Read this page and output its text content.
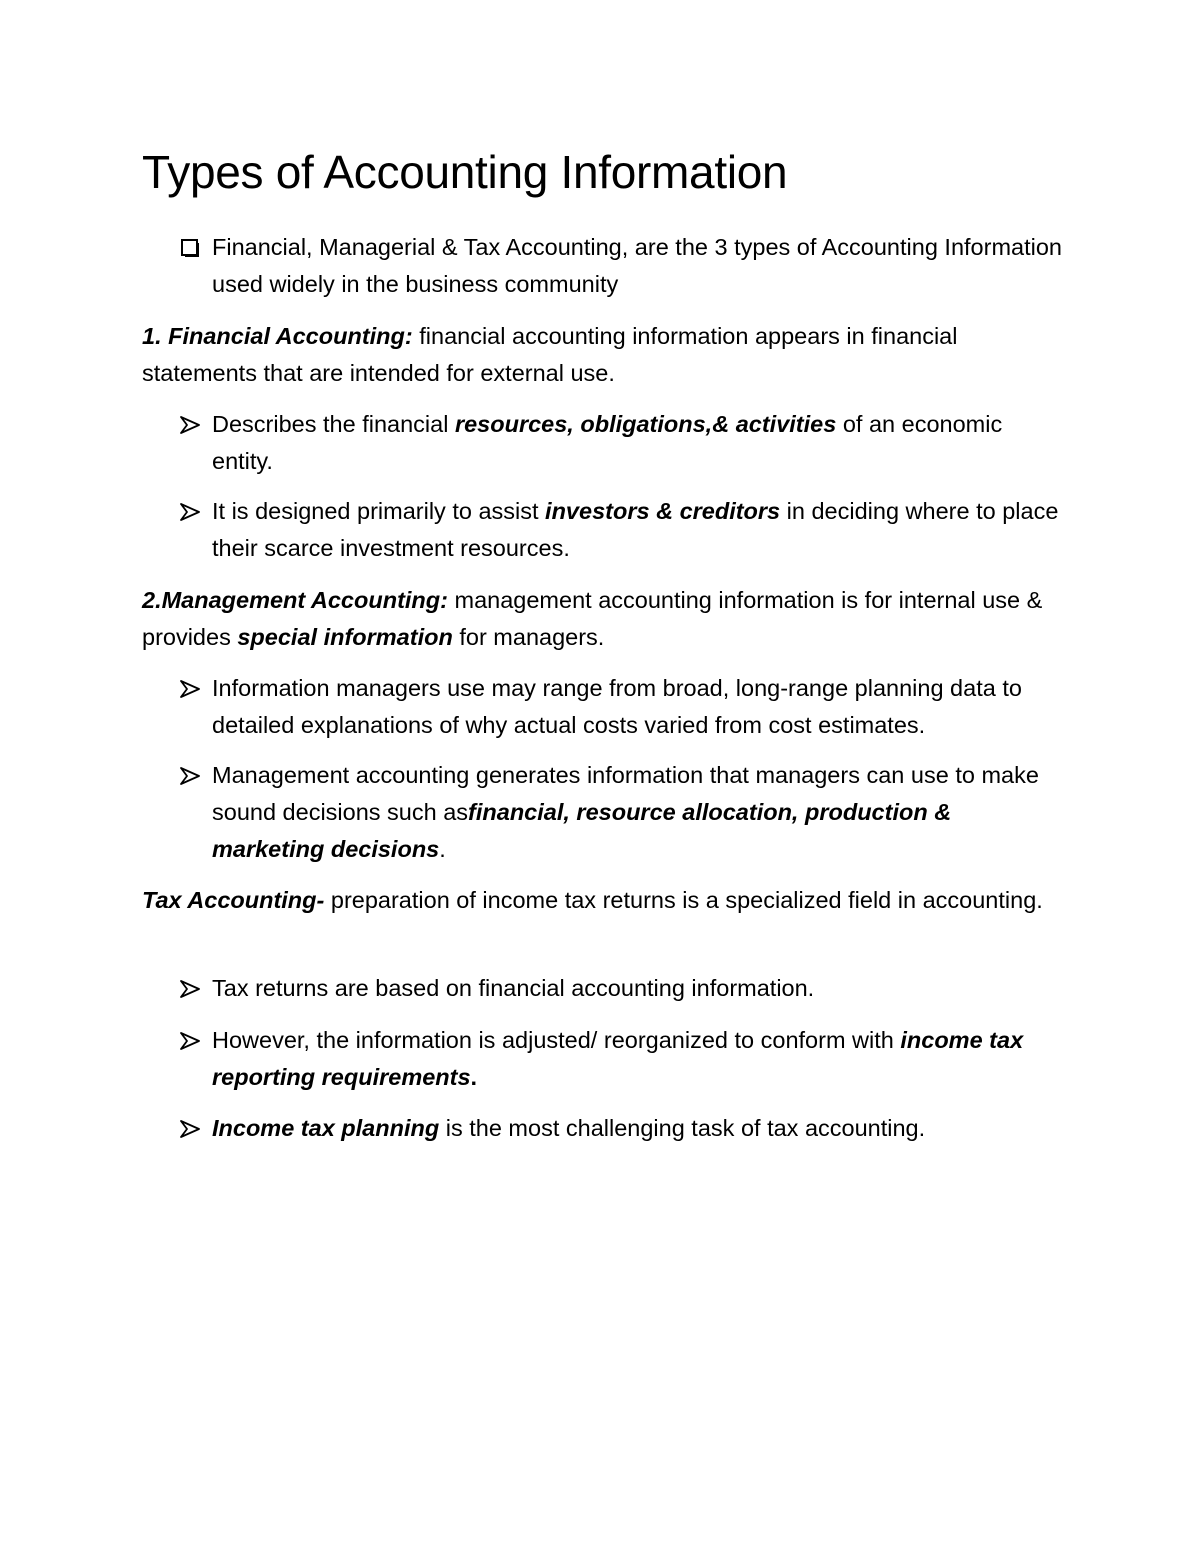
Types of Accounting Information

Financial, Managerial & Tax Accounting, are the 3 types of Accounting Information used widely in the business community

1. Financial Accounting: financial accounting information appears in financial statements that are intended for external use.

Describes the financial resources, obligations,& activities of an economic entity.

It is designed primarily to assist investors & creditors in deciding where to place their scarce investment resources.

2.Management Accounting: management accounting information is for internal use & provides special information for managers.

Information managers use may range from broad, long-range planning data to detailed explanations of why actual costs varied from cost estimates.

Management accounting generates information that managers can use to make sound decisions such asfinancial, resource allocation, production & marketing decisions.

Tax Accounting- preparation of income tax returns is a specialized field in accounting.

Tax returns are based on financial accounting information.

However, the information is adjusted/ reorganized to conform with income tax reporting requirements.

Income tax planning is the most challenging task of tax accounting.
